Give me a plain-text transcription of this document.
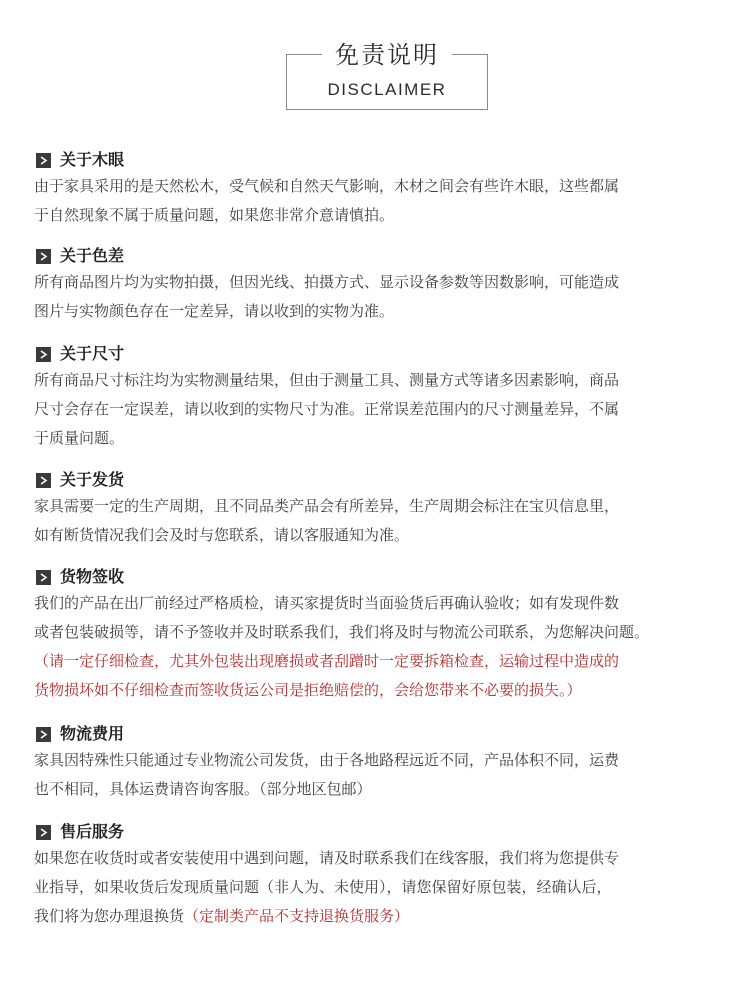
免责说明
DISCLAIMER
关于木眼
由于家具采用的是天然松木，受气候和自然天气影响，木材之间会有些许木眼，这些都属
于自然现象不属于质量问题，如果您非常介意请慎拍。
关于色差
所有商品图片均为实物拍摄，但因光线、拍摄方式、显示设备参数等因数影响，可能造成
图片与实物颜色存在一定差异，请以收到的实物为准。
关于尺寸
所有商品尺寸标注均为实物测量结果，但由于测量工具、测量方式等诸多因素影响，商品
尺寸会存在一定误差，请以收到的实物尺寸为准。正常误差范围内的尺寸测量差异，不属
于质量问题。
关于发货
家具需要一定的生产周期，且不同品类产品会有所差异，生产周期会标注在宝贝信息里，
如有断货情况我们会及时与您联系，请以客服通知为准。
货物签收
我们的产品在出厂前经过严格质检，请买家提货时当面验货后再确认验收；如有发现件数
或者包装破损等，请不予签收并及时联系我们，我们将及时与物流公司联系，为您解决问题。
（请一定仔细检查，尤其外包装出现磨损或者刮蹭时一定要拆箱检查，运输过程中造成的
货物损坏如不仔细检查而签收货运公司是拒绝赔偿的，会给您带来不必要的损失。）
物流费用
家具因特殊性只能通过专业物流公司发货，由于各地路程远近不同，产品体积不同，运费
也不相同，具体运费请咨询客服。（部分地区包邮）
售后服务
如果您在收货时或者安装使用中遇到问题，请及时联系我们在线客服，我们将为您提供专
业指导，如果收货后发现质量问题（非人为、未使用），请您保留好原包装，经确认后，
我们将为您办理退换货（定制类产品不支持退换货服务）
